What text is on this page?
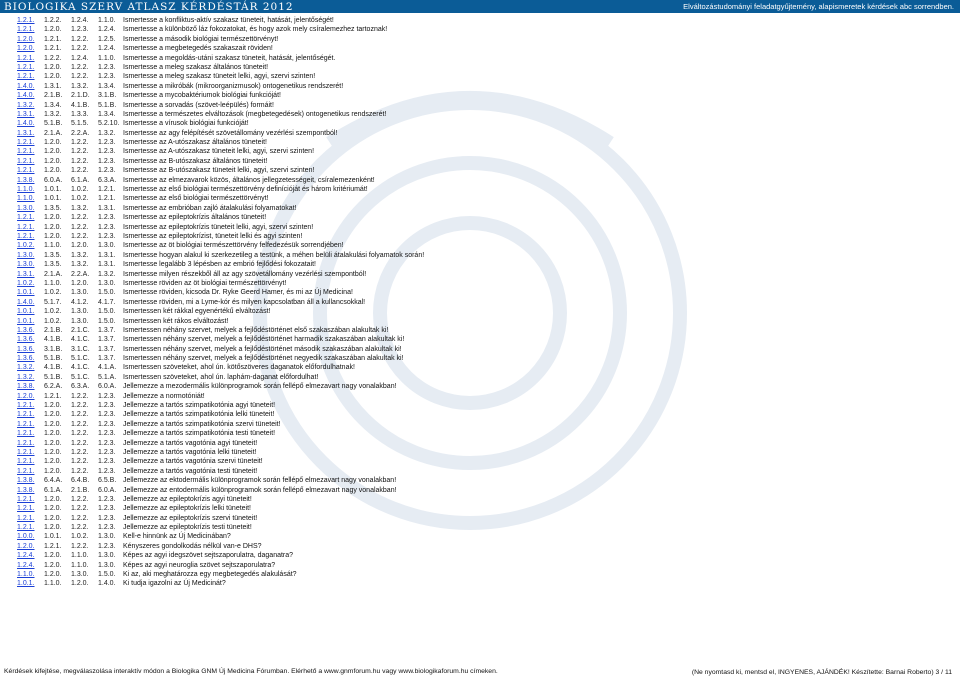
BIOLOGIKA SZERV ATLASZ KÉRDÉSTÁR 2012	Elváltozástudományi feladatgyűjtemény, alapismeretek kérdések abc sorrendben.
1.2.1.	1.2.2.	1.2.4.	1.1.0.	Ismertesse a konfliktus-aktív szakasz tüneteit, hatását, jelentőségét!
1.2.1.	1.2.0.	1.2.3.	1.2.4.	Ismertesse a különböző láz fokozatokat, és hogy azok mely csíralemezhez tartoznak!
1.2.0.	1.2.1.	1.2.2.	1.2.5.	Ismertesse a második biológiai természettörvényt!
1.2.0.	1.2.1.	1.2.2.	1.2.4.	Ismertesse a megbetegedés szakaszait röviden!
1.2.1.	1.2.2.	1.2.4.	1.1.0.	Ismertesse a megoldás-utáni szakasz tüneteit, hatását, jelentőségét.
1.2.1.	1.2.0.	1.2.2.	1.2.3.	Ismertesse a meleg szakasz általános tüneteit!
1.2.1.	1.2.0.	1.2.2.	1.2.3.	Ismertesse a meleg szakasz tüneteit lelki, agyi, szervi szinten!
1.4.0.	1.3.1.	1.3.2.	1.3.4.	Ismertesse a mikróbák (mikroorganizmusok) ontogenetikus rendszerét!
1.4.0.	2.1.B.	2.1.D.	3.1.B. Ismertesse a mycobaktériumok biológiai funkcióját!
1.3.2.	1.3.4.	4.1.B.	5.1.B. Ismertesse a sorvadás (szövet-leépülés) formáit!
1.3.1.	1.3.2.	1.3.3.	1.3.4.	Ismertesse a természetes elváltozások (megbetegedések) ontogenetikus rendszerét!
1.4.0.	5.1.B.	5.1.5.	5.2.10. Ismertesse a vírusok biológiai funkcióját!
1.3.1.	2.1.A.	2.2.A.	1.3.2.	Ismertesse az agy felépítését szövetállomány vezérlési szempontból!
1.2.1.	1.2.0.	1.2.2.	1.2.3.	Ismertesse az A-utószakasz általános tüneteit!
1.2.1.	1.2.0.	1.2.2.	1.2.3.	Ismertesse az A-utószakasz tüneteit lelki, agyi, szervi szinten!
1.2.1.	1.2.0.	1.2.2.	1.2.3.	Ismertesse az B-utószakasz általános tüneteit!
1.2.1.	1.2.0.	1.2.2.	1.2.3.	Ismertesse az B-utószakasz tüneteit lelki, agyi, szervi szinten!
1.3.8.	6.0.A.	6.1.A.	6.3.A. Ismertesse az elmezavarok közös, általános jellegzetességeit, csíralemezenként!
1.1.0.	1.0.1.	1.0.2.	1.2.1.	Ismertesse az első biológiai természettörvény definícióját és három kritériumát!
1.1.0.	1.0.1.	1.0.2.	1.2.1.	Ismertesse az első biológiai természettörvényt!
1.3.0.	1.3.5.	1.3.2.	1.3.1.	Ismertesse az embrióban zajló átalakulási folyamatokat!
1.2.1.	1.2.0.	1.2.2.	1.2.3.	Ismertesse az epileptokrízis általános tüneteit!
1.2.1.	1.2.0.	1.2.2.	1.2.3.	Ismertesse az epileptokrízis tüneteit lelki, agyi, szervi szinten!
1.2.1.	1.2.0.	1.2.2.	1.2.3.	Ismertesse az epileptokrízist, tüneteit lelki és agyi szinten!
1.0.2.	1.1.0.	1.2.0.	1.3.0.	Ismertesse az öt biológiai természettörvény felfedezésük sorrendjében!
1.3.0.	1.3.5.	1.3.2.	1.3.1.	Ismertesse hogyan alakul ki szerkezetileg a testünk, a méhen belüli átalakulási folyamatok során!
1.3.0.	1.3.5.	1.3.2.	1.3.1.	Ismertesse legalább 3 lépésben az embrió fejlődési fokozatait!
1.3.1.	2.1.A.	2.2.A.	1.3.2.	Ismertesse milyen részekből áll az agy szövetállomány vezérlési szempontból!
1.0.2.	1.1.0.	1.2.0.	1.3.0.	Ismertesse röviden az öt biológiai természettörvényt!
1.0.1.	1.0.2.	1.3.0.	1.5.0.	Ismertesse röviden, kicsoda Dr. Ryke Geerd Hamer, és mi az Új Medicina!
1.4.0.	5.1.7.	4.1.2.	4.1.7.	Ismertesse röviden, mi a Lyme-kór és milyen kapcsolatban áll a kullancsokkal!
1.0.1.	1.0.2.	1.3.0.	1.5.0.	Ismertessen két rákkal egyenértékű elváltozást!
1.0.1.	1.0.2.	1.3.0.	1.5.0.	Ismertessen két rákos elváltozást!
1.3.6.	2.1.B.	2.1.C.	1.3.7.	Ismertessen néhány szervet, melyek a fejlődéstörténet első szakaszában alakultak ki!
1.3.6.	4.1.B.	4.1.C.	1.3.7.	Ismertessen néhány szervet, melyek a fejlődéstörténet harmadik szakaszában alakultak ki!
1.3.6.	3.1.B.	3.1.C.	1.3.7.	Ismertessen néhány szervet, melyek a fejlődéstörténet második szakaszában alakultak ki!
1.3.6.	5.1.B.	5.1.C.	1.3.7.	Ismertessen néhány szervet, melyek a fejlődéstörténet negyedik szakaszában alakultak ki!
1.3.2.	4.1.B.	4.1.C.	4.1.A. Ismertessen szöveteket, ahol ún. kötőszöveres daganatok előfordulhatnak!
1.3.2.	5.1.B.	5.1.C.	5.1.A. Ismertessen szöveteket, ahol ún. laphám-daganat előfordulhat!
1.3.8.	6.2.A.	6.3.A.	6.0.A. Jellemezze a mezodermális különprogramok során fellépő elmezavart nagy vonalakban!
1.2.0.	1.2.1.	1.2.2.	1.2.3.	Jellemezze a normotóniát!
1.2.1.	1.2.0.	1.2.2.	1.2.3.	Jellemezze a tartós szimpatikotónia agyi tüneteit!
1.2.1.	1.2.0.	1.2.2.	1.2.3.	Jellemezze a tartós szimpatikotónia lelki tüneteit!
1.2.1.	1.2.0.	1.2.2.	1.2.3.	Jellemezze a tartós szimpatikotónia szervi tüneteit!
1.2.1.	1.2.0.	1.2.2.	1.2.3.	Jellemezze a tartós szimpatikotónia testi tüneteit!
1.2.1.	1.2.0.	1.2.2.	1.2.3.	Jellemezze a tartós vagotónia agyi tüneteit!
1.2.1.	1.2.0.	1.2.2.	1.2.3.	Jellemezze a tartós vagotónia lelki tüneteit!
1.2.1.	1.2.0.	1.2.2.	1.2.3.	Jellemezze a tartós vagotónia szervi tüneteit!
1.2.1.	1.2.0.	1.2.2.	1.2.3.	Jellemezze a tartós vagotónia testi tüneteit!
1.3.8.	6.4.A.	6.4.B.	6.5.B. Jellemezze az ektodermális különprogramok során fellépő elmezavart nagy vonalakban!
1.3.8.	6.1.A.	2.1.B.	6.0.A. Jellemezze az entodermális különprogramok során fellépő elmezavart nagy vonalakban!
1.2.1.	1.2.0.	1.2.2.	1.2.3.	Jellemezze az epileptokrízis agyi tüneteit!
1.2.1.	1.2.0.	1.2.2.	1.2.3.	Jellemezze az epileptokrízis lelki tüneteit!
1.2.1.	1.2.0.	1.2.2.	1.2.3.	Jellemezze az epileptokrízis szervi tüneteit!
1.2.1.	1.2.0.	1.2.2.	1.2.3.	Jellemezze az epileptokrízis testi tüneteit!
1.0.0.	1.0.1.	1.0.2.	1.3.0.	Kell-e hinnünk az Új Medicinában?
1.2.0.	1.2.1.	1.2.2.	1.2.3.	Kényszeres gondolkodás nélkül van-e DHS?
1.2.4.	1.2.0.	1.1.0.	1.3.0.	Képes az agyi idegszövet sejtszaporulatra, daganatra?
1.2.4.	1.2.0.	1.1.0.	1.3.0.	Képes az agyi neuroglia szövet sejtszaporulatra?
1.1.0.	1.2.0.	1.3.0.	1.5.0.	Ki az, aki meghatározza egy megbetegedés alakulását?
1.0.1.	1.1.0.	1.2.0.	1.4.0.	Ki tudja igazolni az Új Medicinát?
Kérdések kifejtése, megválaszolása interaktív módon a Biologika GNM Új Medicina Fórumban. Elérhető a www.gnmforum.hu vagy www.biologikaforum.hu címeken.	(Ne nyomtasd ki, mentsd el, INGYENES, AJÁNDÉK! Készítette: Barnai Roberto) 3 / 11
